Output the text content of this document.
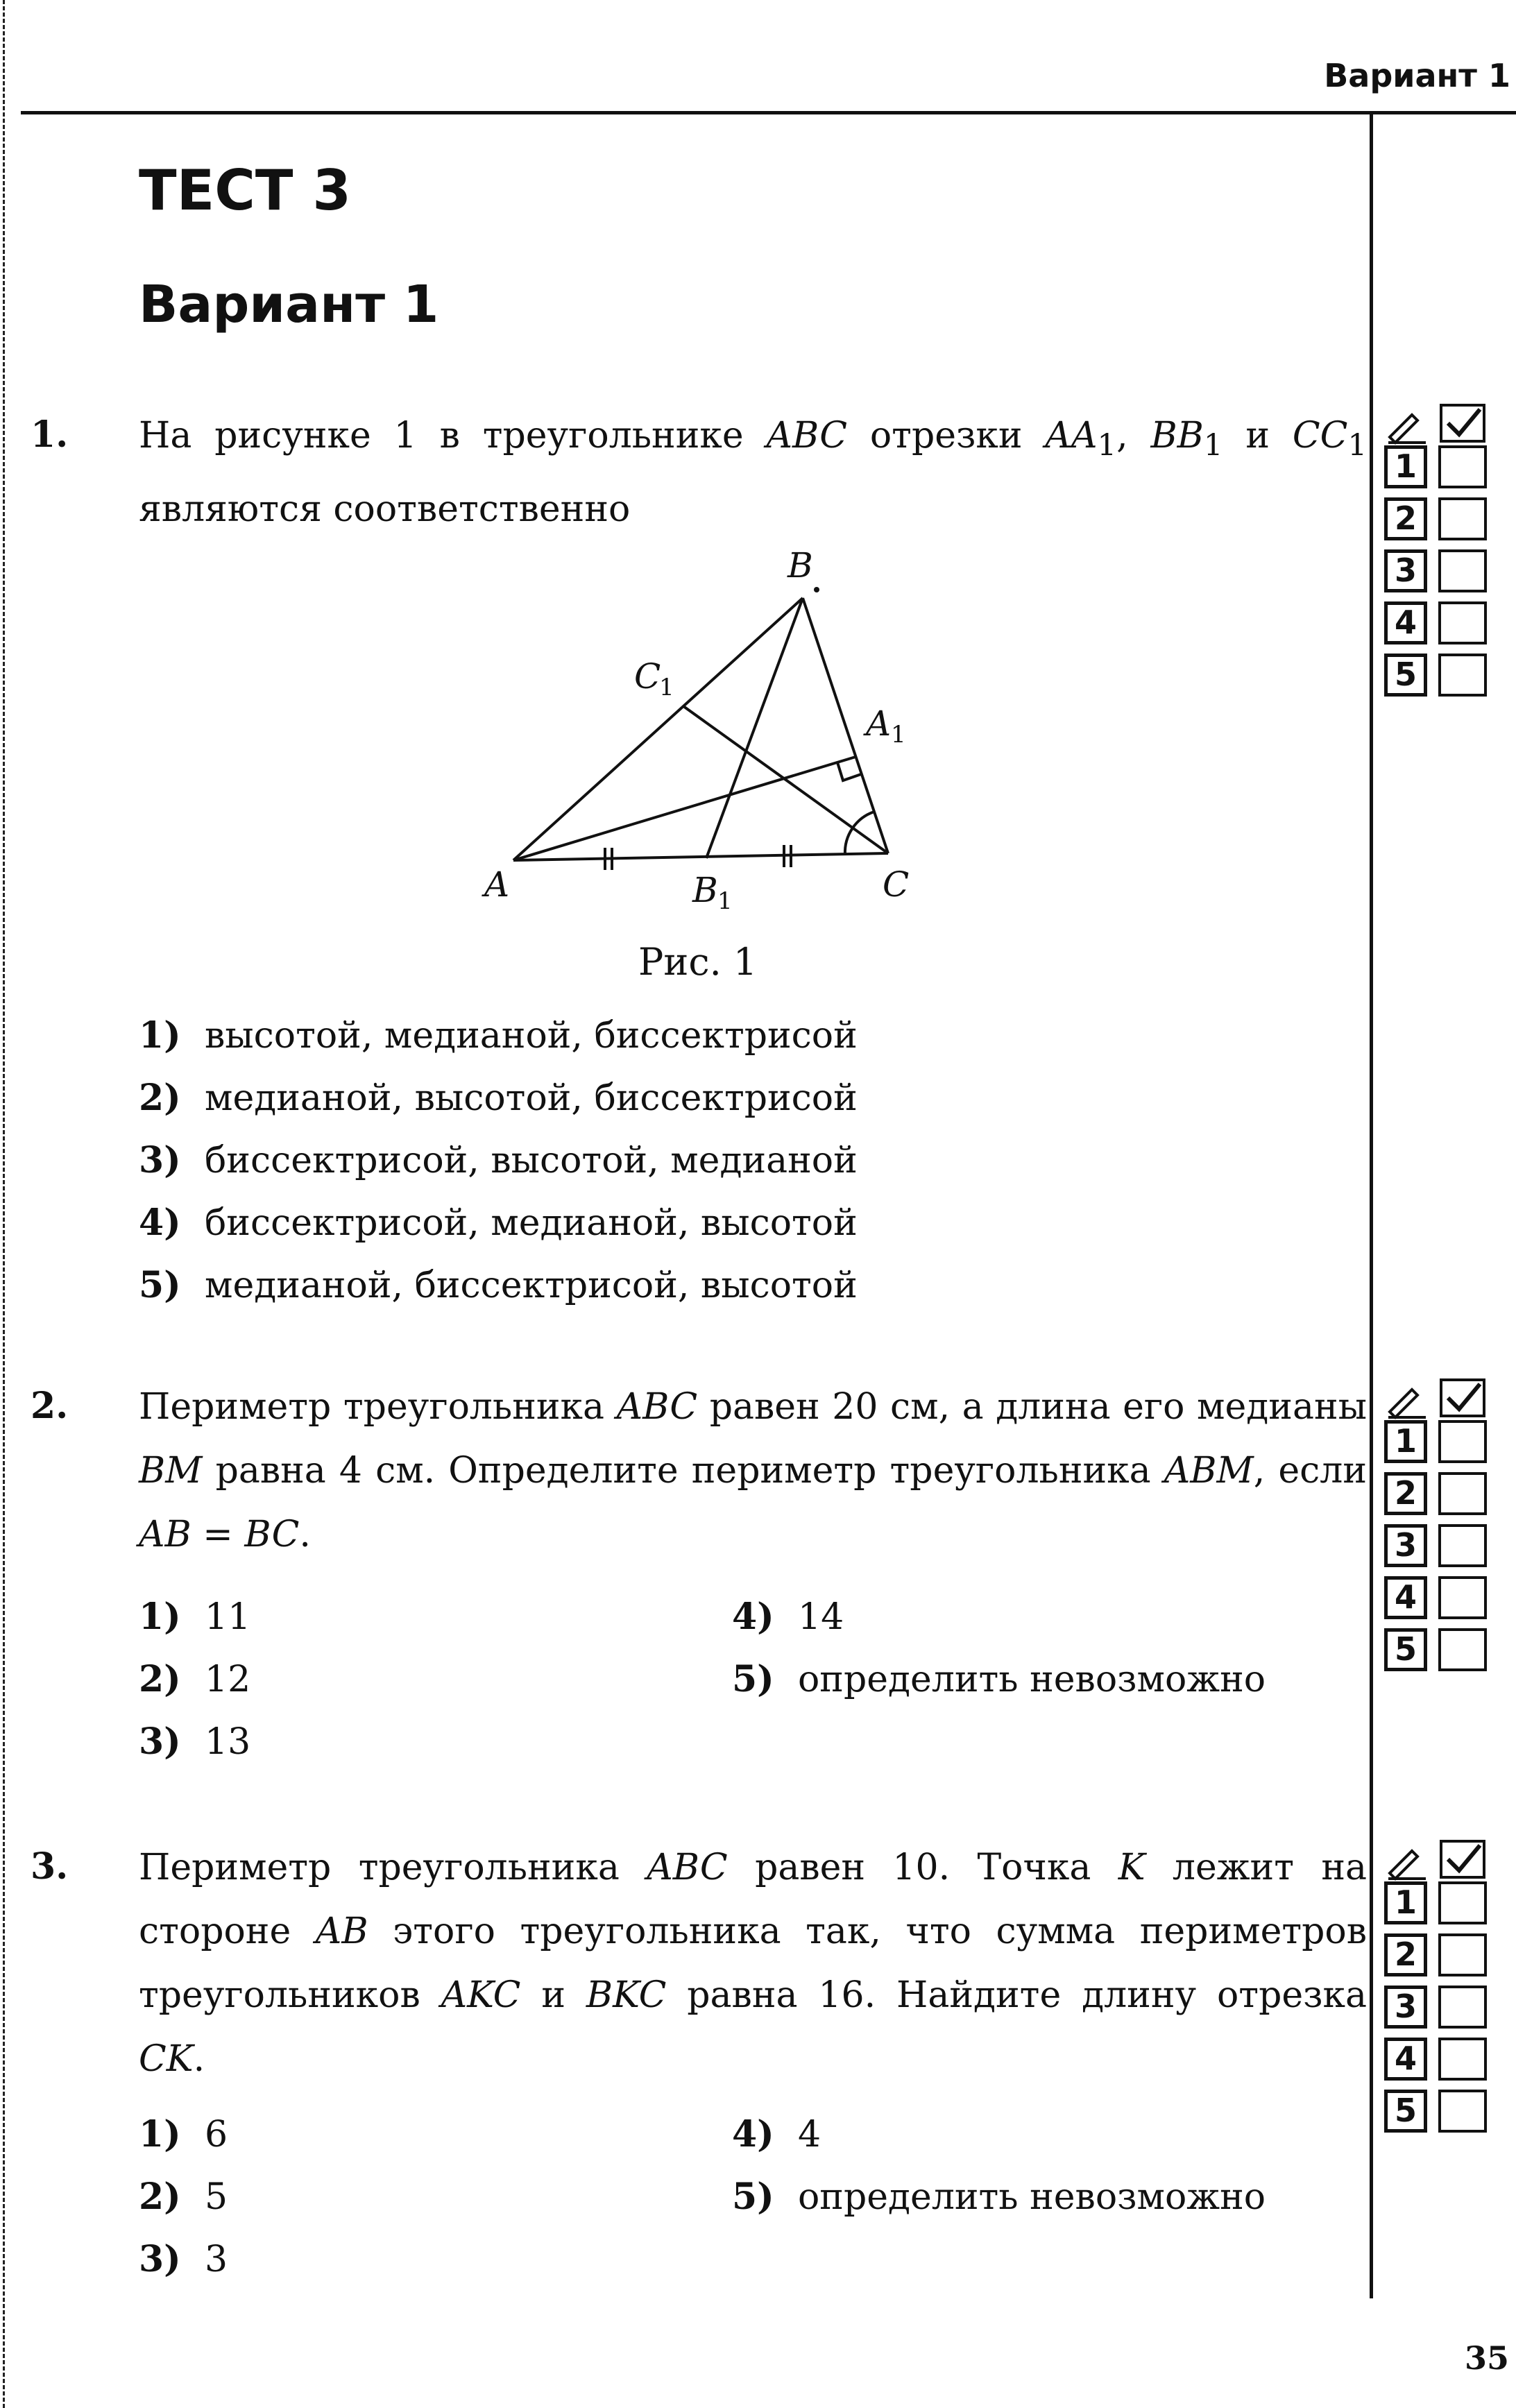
Вариант 1
ТЕСТ 3
Вариант 1
1. На рисунке 1 в треугольнике ABC отрезки $AA_1$, $BB_1$ и $CC_1$ являются соответственно
B
A	C
C
A
B
1
1
1
Рис. 1
1) высотой, медианой, биссектрисой
2) медианой, высотой, биссектрисой
3) биссектрисой, высотой, медианой
4) биссектрисой, медианой, высотой
5) медианой, биссектрисой, высотой
2. Периметр треугольника ABC равен 20 см, а длина его медианы BM равна 4 см. Определите периметр треугольника ABM, если AB = BC.
1) 11
2) 12
3) 13
4) 14
5) определить невозможно
3. Периметр треугольника ABC равен 10. Точка K лежит на стороне AB этого треугольника так, что сумма периметров треугольников AKC и BKC равна 16. Найдите длину отрезка CK.
1) 6
2) 5
3) 3
4) 4
5) определить невозможно
1
2
3
4
5
1
2
3
4
5
1
2
3
4
5
35
